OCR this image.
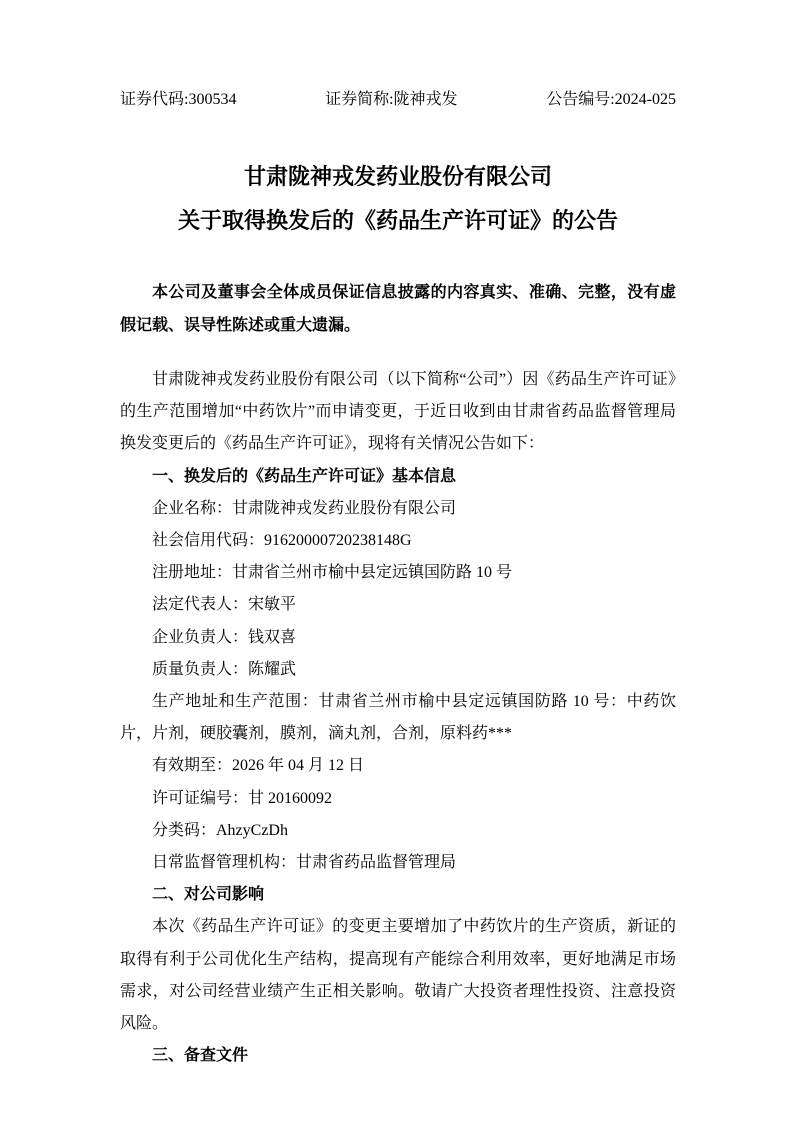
证券代码:300534	证券简称:陇神戎发	公告编号:2024-025
甘肃陇神戎发药业股份有限公司
关于取得换发后的《药品生产许可证》的公告

本公司及董事会全体成员保证信息披露的内容真实、准确、完整，没有虚假记载、误导性陈述或重大遗漏。

甘肃陇神戎发药业股份有限公司（以下简称“公司”）因《药品生产许可证》的生产范围增加“中药饮片”而申请变更，于近日收到由甘肃省药品监督管理局换发变更后的《药品生产许可证》，现将有关情况公告如下：

一、换发后的《药品生产许可证》基本信息

企业名称：甘肃陇神戎发药业股份有限公司

社会信用代码：91620000720238148G

注册地址：甘肃省兰州市榆中县定远镇国防路 10 号

法定代表人：宋敏平

企业负责人：钱双喜

质量负责人：陈耀武

生产地址和生产范围：甘肃省兰州市榆中县定远镇国防路 10 号：中药饮片，片剂，硬胶囊剂，膜剂，滴丸剂，合剂，原料药***

有效期至：2026 年 04 月 12 日

许可证编号：甘 20160092

分类码：AhzyCzDh

日常监督管理机构：甘肃省药品监督管理局

二、对公司影响

本次《药品生产许可证》的变更主要增加了中药饮片的生产资质，新证的取得有利于公司优化生产结构，提高现有产能综合利用效率，更好地满足市场需求，对公司经营业绩产生正相关影响。敬请广大投资者理性投资、注意投资风险。

三、备查文件
